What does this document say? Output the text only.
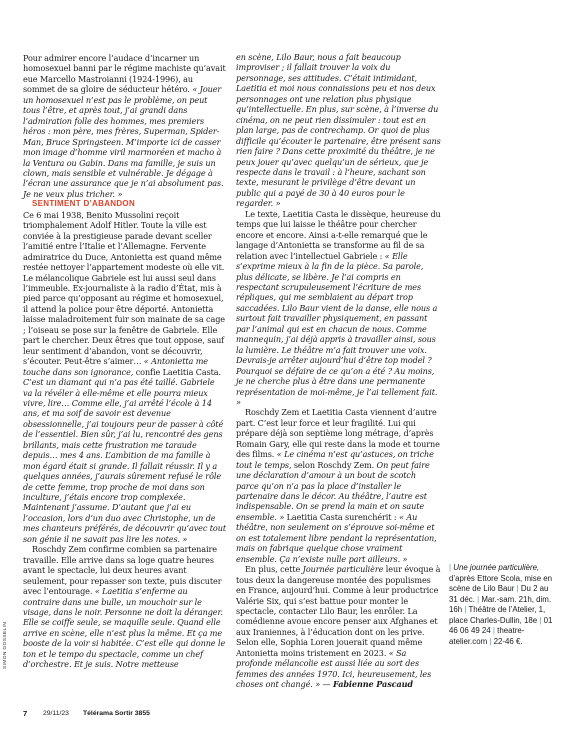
Pour admirer encore l’audace d’incarner un homosexuel banni par le régime machiste qu’avait eue Marcello Mastroianni (1924-1996), au sommet de sa gloire de séducteur hétéro. « Jouer un homosexuel n’est pas le problème, on peut tous l’être, et après tout, j’ai grandi dans l’admiration folle des hommes, mes premiers héros : mon père, mes frères, Superman, Spider-Man, Bruce Springsteen. M’importe ici de casser mon image d’homme viril marmoréen et macho à la Ventura ou Gabin. Dans ma famille, je suis un clown, mais sensible et vulnérable. Je dégage à l’écran une assurance que je n’ai absolument pas. Je ne veux plus tricher. »

SENTIMENT D’ABANDON

Ce 6 mai 1938, Benito Mussolini reçoit triomphalement Adolf Hitler. Toute la ville est conviée à la prestigieuse parade devant sceller l’amitié entre l’Italie et l’Allemagne. Fervente admiratrice du Duce, Antonietta est quand même restée nettoyer l’appartement modeste où elle vit. Le mélancolique Gabriele est lui aussi seul dans l’immeuble. Ex-journaliste à la radio d’État, mis à pied parce qu’opposant au régime et homosexuel, il attend la police pour être déporté. Antonietta laisse maladroitement fuir son mainate de sa cage ; l’oiseau se pose sur la fenêtre de Gabriele. Elle part le chercher. Deux êtres que tout oppose, sauf leur sentiment d’abandon, vont se découvrir, s’écouter. Peut-être s’aimer… « Antonietta me touche dans son ignorance, confie Laetitia Casta. C’est un diamant qui n’a pas été taillé. Gabriele va la révéler à elle-même et elle pourra mieux vivre, lire… Comme elle, j’ai arrêté l’école à 14 ans, et ma soif de savoir est devenue obsessionnelle, j’ai toujours peur de passer à côté de l’essentiel. Bien sûr, j’ai lu, rencontré des gens brillants, mais cette frustration me taraude depuis… mes 4 ans. L’ambition de ma famille à mon égard était si grande. Il fallait réussir. Il y a quelques années, j’aurais sûrement refusé le rôle de cette femme, trop proche de moi dans son inculture, j’étais encore trop complexée. Maintenant j’assume. D’autant que j’ai eu l’occasion, lors d’un duo avec Christophe, un de mes chanteurs préférés, de découvrir qu’avec tout son génie il ne savait pas lire les notes. »

Roschdy Zem confirme combien sa partenaire travaille. Elle arrive dans sa loge quatre heures avant le spectacle, lui deux heures avant seulement, pour repasser son texte, puis discuter avec l’entourage. « Laetitia s’enferme au contraire dans une bulle, un mouchoir sur le visage, dans le noir. Personne ne doit la déranger. Elle se coiffe seule, se maquille seule. Quand elle arrive en scène, elle n’est plus la même. Et ça me booste de la voir si habitée. C’est elle qui donne le ton et le tempo du spectacle, comme un chef d’orchestre. Et je suis. Notre metteuse

en scène, Lilo Baur, nous a fait beaucoup improviser ; il fallait trouver la voix du personnage, ses attitudes. C’était intimidant, Laetitia et moi nous connaissions peu et nos deux personnages ont une relation plus physique qu’intellectuelle. En plus, sur scène, à l’inverse du cinéma, on ne peut rien dissimuler : tout est en plan large, pas de contrechamp. Or quoi de plus difficile qu’écouter le partenaire, être présent sans rien faire ? Dans cette proximité du théâtre, je ne peux jouer qu’avec quelqu’un de sérieux, que je respecte dans le travail : à l’heure, sachant son texte, mesurant le privilège d’être devant un public qui a payé de 30 à 40 euros pour le regarder. »

Le texte, Laetitia Casta le dissèque, heureuse du temps que lui laisse le théâtre pour chercher encore et encore. Ainsi a-t-elle remarqué que le langage d’Antonietta se transforme au fil de sa relation avec l’intellectuel Gabriele : « Elle s’exprime mieux à la fin de la pièce. Sa parole, plus délicate, se libère. Je l’ai compris en respectant scrupuleusement l’écriture de mes répliques, qui me semblaient au départ trop saccadées. Lilo Baur vient de la danse, elle nous a surtout fait travailler physiquement, en passant par l’animal qui est en chacun de nous. Comme mannequin, j’ai déjà appris à travailler ainsi, sous la lumière. Le théâtre m’a fait trouver une voix. Devrais-je arrêter aujourd’hui d’être top model ? Pourquoi se défaire de ce qu’on a été ? Au moins, je ne cherche plus à être dans une permanente représentation de moi-même, je l’ai tellement fait. »

Roschdy Zem et Laetitia Casta viennent d’autre part. C’est leur force et leur fragilité. Lui qui prépare déjà son septième long métrage, d’après Romain Gary, elle qui reste dans la mode et tourne des films. « Le cinéma n’est qu’astuces, on triche tout le temps, selon Roschdy Zem. On peut faire une déclaration d’amour à un bout de scotch parce qu’on n’a pas la place d’installer le partenaire dans le décor. Au théâtre, l’autre est indispensable. On se prend la main et on saute ensemble. » Laetitia Casta surenchérit : « Au théâtre, non seulement on s’éprouve soi-même et on est totalement libre pendant la représentation, mais on fabrique quelque chose vraiment ensemble. Ça n’existe nulle part ailleurs. »

En plus, cette Journée particulière leur évoque à tous deux la dangereuse montée des populismes en France, aujourd’hui. Comme à leur productrice Valérie Six, qui s’est battue pour monter le spectacle, contacter Lilo Baur, les enrôler. La comédienne avoue encore penser aux Afghanes et aux Iraniennes, à l’éducation dont on les prive. Selon elle, Sophia Loren jouerait quand même Antonietta moins tristement en 2023. « Sa profonde mélancolie est aussi liée au sort des femmes des années 1970. Ici, heureusement, les choses ont changé. » — Fabienne Pascaud

| Une journée particulière, d’après Ettore Scola, mise en scène de Lilo Baur | Du 2 au 31 déc. | Mar.-sam. 21h, dim. 16h | Théâtre de l’Atelier, 1, place Charles-Dullin, 18e | 01 46 06 49 24 | theatre-atelier.com | 22-46 €.
SIMON GOSSELIN
7	29/11/23	Télérama Sortir 3855
